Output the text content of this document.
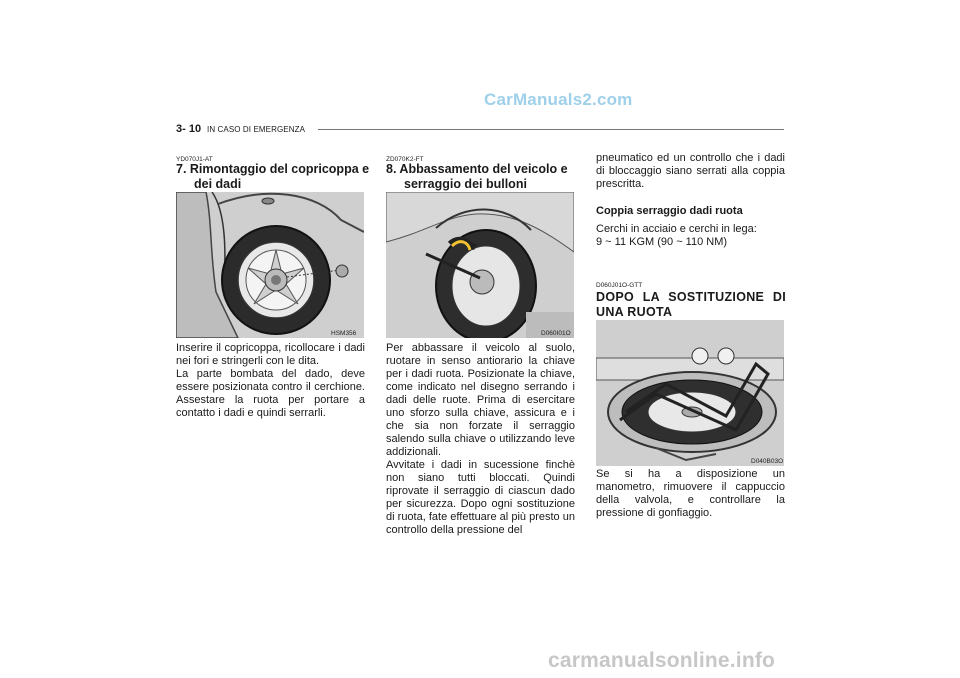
CarManuals2.com
3- 10 IN CASO DI EMERGENZA
YD070J1-AT
7. Rimontaggio del copricoppa e dei dadi
HSM356

Inserire il copricoppa, ricollocare i dadi nei fori e stringerli con le dita.

La parte bombata del dado, deve essere posizionata contro il cerchione. Assestare la ruota per portare a contatto i dadi e quindi serrarli.

ZD070K2-FT
8. Abbassamento del veicolo e serraggio dei bulloni
D060I01O

Per abbassare il veicolo al suolo, ruotare in senso antiorario la chiave per i dadi ruota. Posizionate la chiave, come indicato nel disegno serrando i dadi delle ruote. Prima di esercitare uno sforzo sulla chiave, assicura e i che sia non forzate il serraggio salendo sulla chiave o utilizzando leve addizionali.

Avvitate i dadi in sucessione finchè non siano tutti bloccati. Quindi riprovate il serraggio di ciascun dado per sicurezza. Dopo ogni sostituzione di ruota, fate effettuare al più presto un controllo della pressione del

pneumatico ed un controllo che i dadi di bloccaggio siano serrati alla coppia prescritta.
Coppia serraggio dadi ruota
Cerchi in acciaio e cerchi in lega:
9 ~ 11 KGM (90 ~ 110 NM)
D060J01O-GTT
DOPO LA SOSTITUZIONE DI UNA RUOTA
D040B03O
Se si ha a disposizione un manometro, rimuovere il cappuccio della valvola, e controllare la pressione di gonfiaggio.
carmanualsonline.info
